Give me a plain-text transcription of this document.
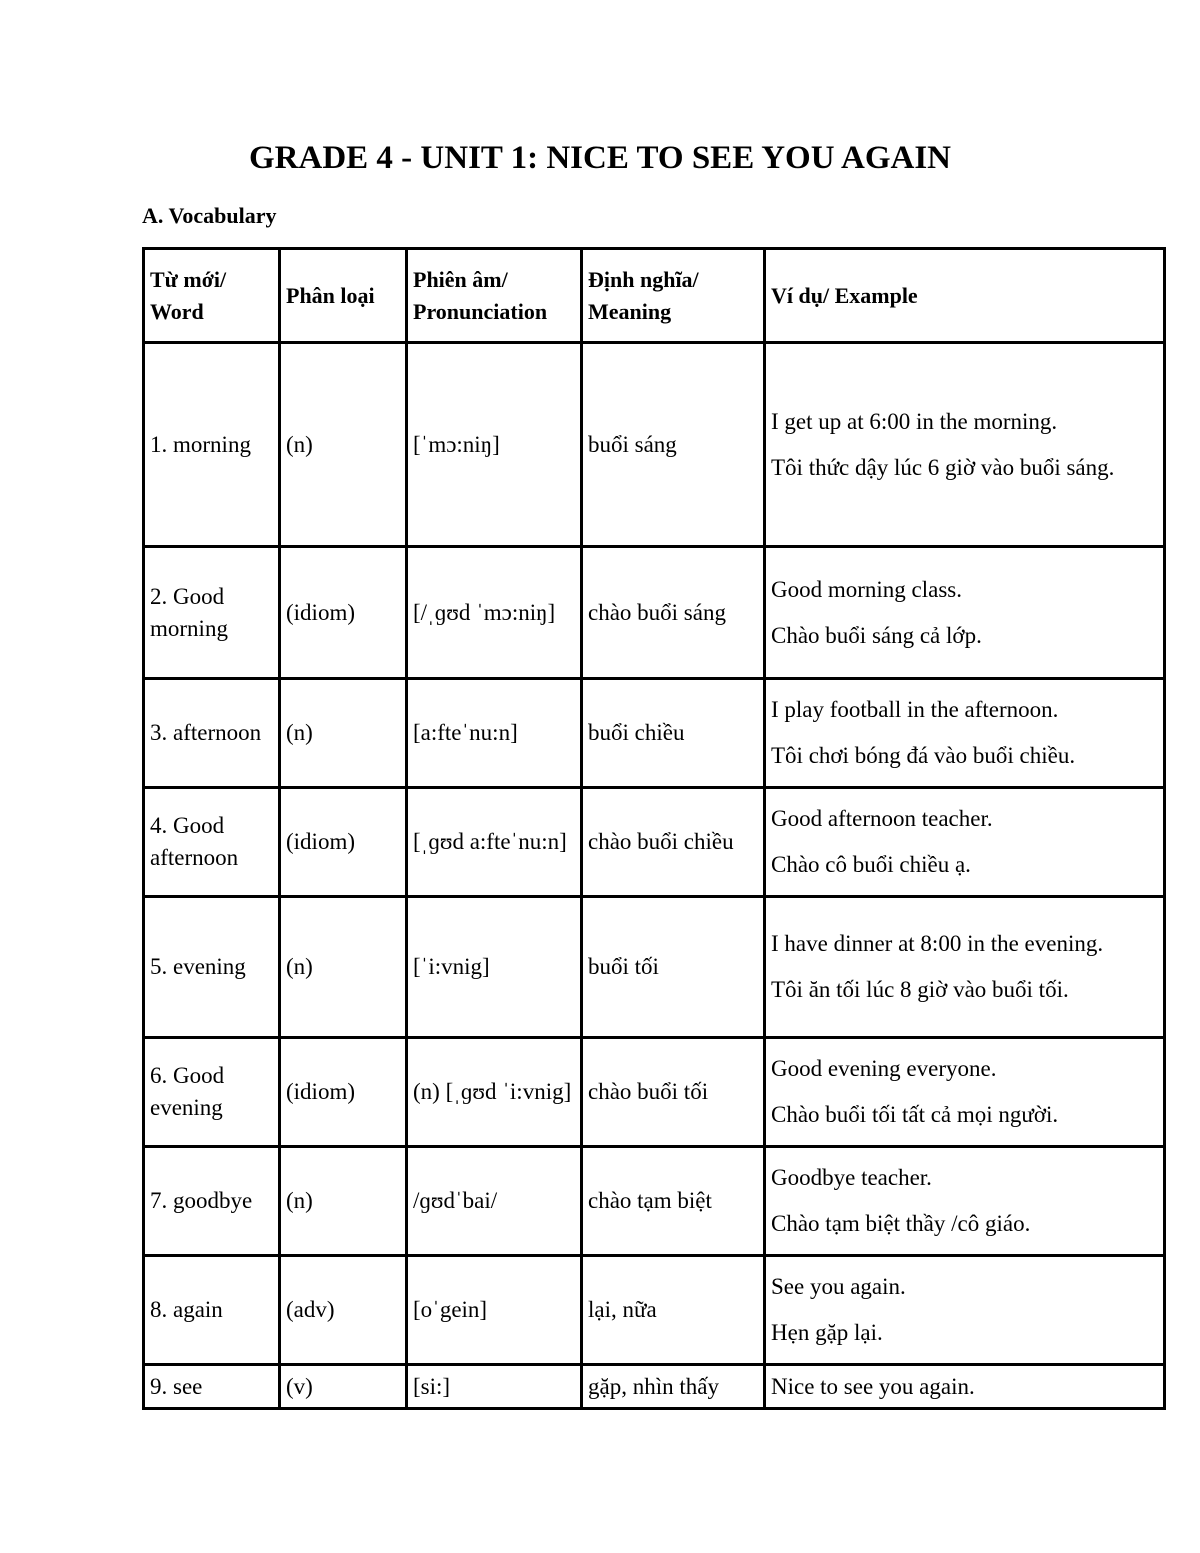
GRADE 4 - UNIT 1: NICE TO SEE YOU AGAIN
A. Vocabulary
Từ mới/ Word	Phân loại	Phiên âm/ Pronunciation	Định nghĩa/ Meaning	Ví dụ/ Example
1. morning	(n)	[ˈmɔ:niŋ]	buổi sáng	I get up at 6:00 in the morning.
Tôi thức dậy lúc 6 giờ vào buổi sáng.

2. Good morning	(idiom)	[/ˌɡʊd ˈmɔ:niŋ]	chào buổi sáng	Good morning class.
Chào buổi sáng cả lớp.

3. afternoon	(n)	[a:fteˈnu:n]	buổi chiều	I play football in the afternoon.
Tôi chơi bóng đá vào buổi chiều.

4. Good afternoon	(idiom)	[ˌɡʊd a:fteˈnu:n]	chào buổi chiều	Good afternoon teacher.
Chào cô buổi chiều ạ.

5. evening	(n)	[ˈi:vnig]	buổi tối	I have dinner at 8:00 in the evening.
Tôi ăn tối lúc 8 giờ vào buổi tối.

6. Good evening	(idiom)	(n) [ˌɡʊd ˈi:vnig]	chào buổi tối	Good evening everyone.
Chào buổi tối tất cả mọi người.

7. goodbye	(n)	/ɡʊdˈbai/	chào tạm biệt	Goodbye teacher.
Chào tạm biệt thầy /cô giáo.

8. again	(adv)	[oˈgein]	lại, nữa	See you again.
Hẹn gặp lại.

9. see	(v)	[si:]	gặp, nhìn thấy	Nice to see you again.
